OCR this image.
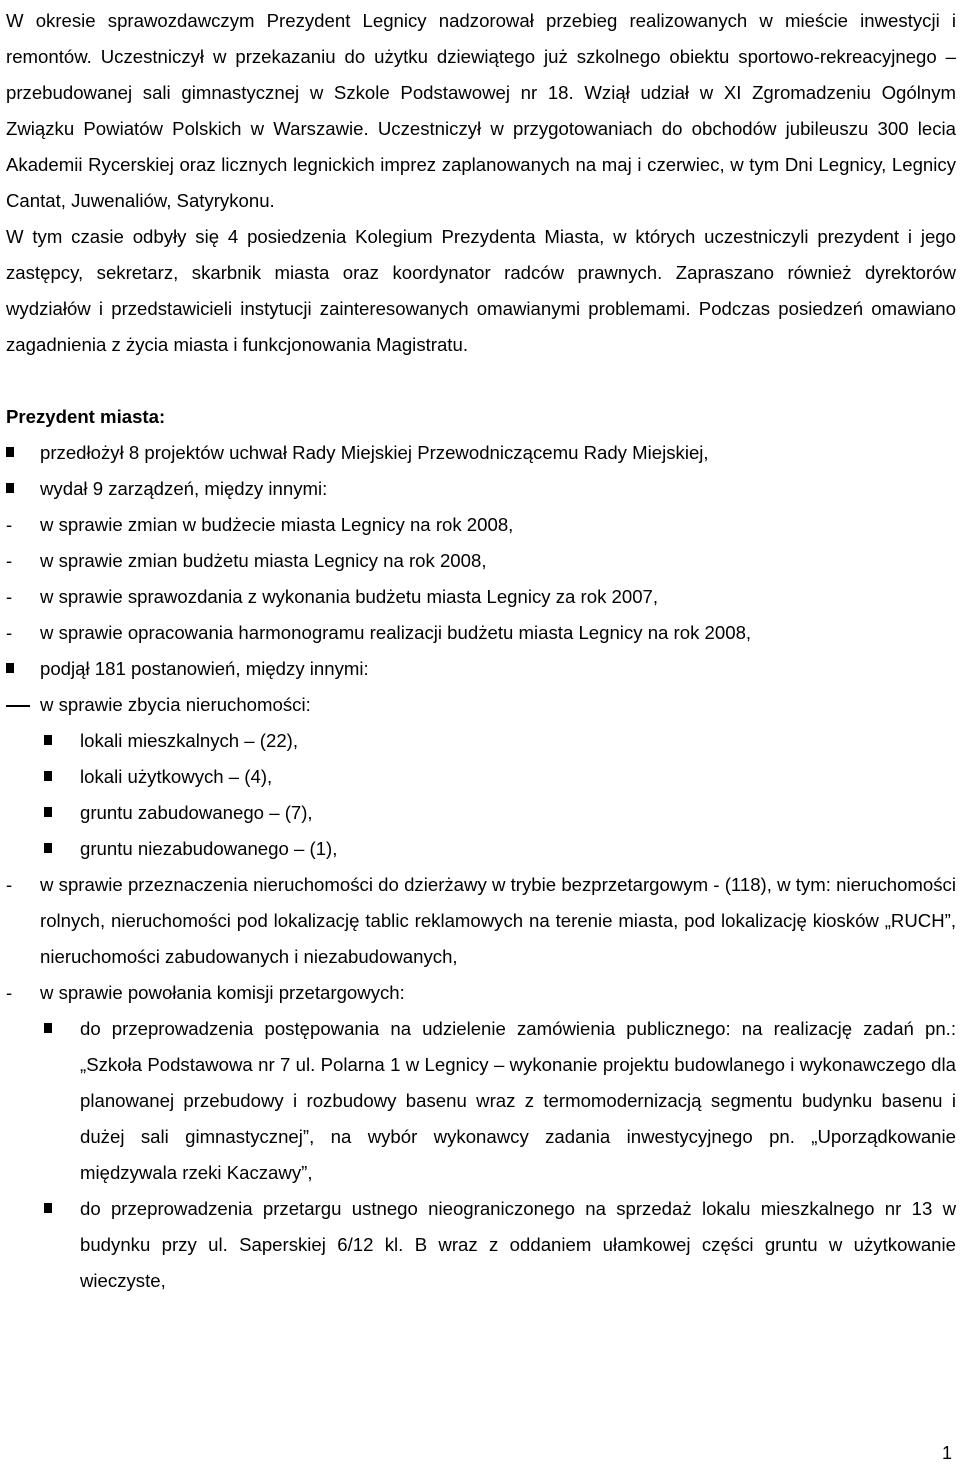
W okresie sprawozdawczym Prezydent Legnicy nadzorował przebieg realizowanych w mieście inwestycji i remontów. Uczestniczył w przekazaniu do użytku dziewiątego już szkolnego obiektu sportowo-rekreacyjnego – przebudowanej sali gimnastycznej w Szkole Podstawowej nr 18. Wziął udział w XI Zgromadzeniu Ogólnym Związku Powiatów Polskich w Warszawie. Uczestniczył w przygotowaniach do obchodów jubileuszu 300 lecia Akademii Rycerskiej oraz licznych legnickich imprez zaplanowanych na maj i czerwiec, w tym Dni Legnicy, Legnicy Cantat, Juwenaliów, Satyrykonu.

W tym czasie odbyły się 4 posiedzenia Kolegium Prezydenta Miasta, w których uczestniczyli prezydent i jego zastępcy, sekretarz, skarbnik miasta oraz koordynator radców prawnych. Zapraszano również dyrektorów wydziałów i przedstawicieli instytucji zainteresowanych omawianymi problemami. Podczas posiedzeń omawiano zagadnienia z życia miasta i funkcjonowania Magistratu.

Prezydent miasta:

przedłożył 8 projektów uchwał Rady Miejskiej Przewodniczącemu Rady Miejskiej,
wydał 9 zarządzeń, między innymi:
- w sprawie zmian w budżecie miasta Legnicy na rok 2008,
- w sprawie zmian budżetu miasta Legnicy na rok 2008,
- w sprawie sprawozdania z wykonania budżetu miasta Legnicy za rok 2007,
- w sprawie opracowania harmonogramu realizacji budżetu miasta Legnicy na rok 2008,
podjął 181 postanowień, między innymi:
w sprawie zbycia nieruchomości:
lokali mieszkalnych – (22),
lokali użytkowych – (4),
gruntu zabudowanego – (7),
gruntu niezabudowanego – (1),
- w sprawie przeznaczenia nieruchomości do dzierżawy w trybie bezprzetargowym - (118), w tym: nieruchomości rolnych, nieruchomości pod lokalizację tablic reklamowych na terenie miasta, pod lokalizację kiosków „RUCH”, nieruchomości zabudowanych i niezabudowanych,
- w sprawie powołania komisji przetargowych:
do przeprowadzenia postępowania na udzielenie zamówienia publicznego: na realizację zadań pn.: „Szkoła Podstawowa nr 7 ul. Polarna 1 w Legnicy – wykonanie projektu budowlanego i wykonawczego dla planowanej przebudowy i rozbudowy basenu wraz z termomodernizacją segmentu budynku basenu i dużej sali gimnastycznej”, na wybór wykonawcy zadania inwestycyjnego pn. „Uporządkowanie międzywala rzeki Kaczawy”,
do przeprowadzenia przetargu ustnego nieograniczonego na sprzedaż lokalu mieszkalnego nr 13 w budynku przy ul. Saperskiej 6/12 kl. B wraz z oddaniem ułamkowej części gruntu w użytkowanie wieczyste,
1
